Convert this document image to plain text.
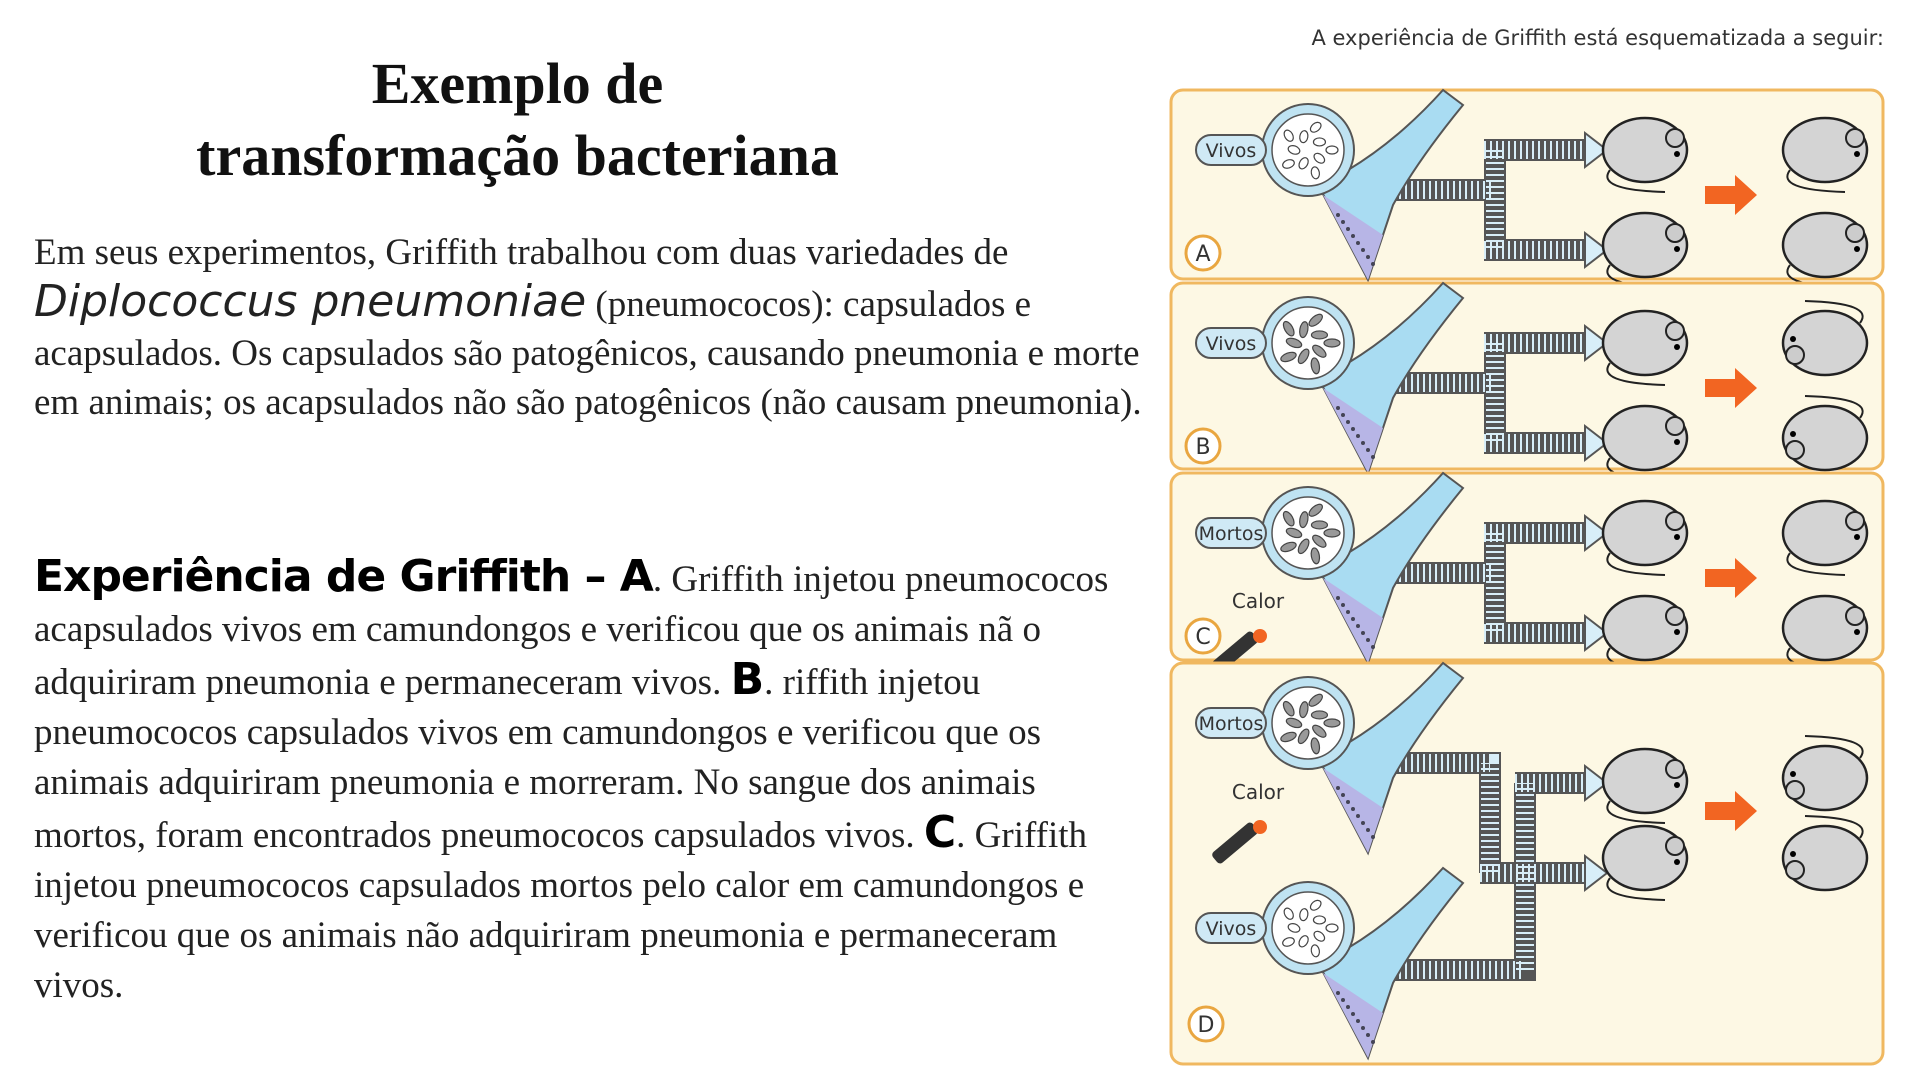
Exemplo de
transformação bacteriana
Em seus experimentos, Griffith trabalhou com duas variedades de Diplococcus pneumoniae (pneumococos): capsulados e acapsulados. Os capsulados são patogênicos, causando pneumonia e morte em animais; os acapsulados não são patogênicos (não causam pneumonia).
Experiência de Griffith – A. Griffith injetou pneumococos acapsulados vivos em camundongos e verificou que os animais nã o adquiriram pneumonia e permaneceram vivos. B. riffith injetou pneumococos capsulados vivos em camundongos e verificou que os animais adquiriram pneumonia e morreram. No sangue dos animais mortos, foram encontrados pneumococos capsulados vivos. C. Griffith injetou pneumococos capsulados mortos pelo calor em camundongos e verificou que os animais não adquiriram pneumonia e permaneceram vivos.
A experiência de Griffith está esquematizada a seguir:
Vivos
A
Vivos
B
Mortos
Calor
C
Mortos
Vivos
Calor
D
